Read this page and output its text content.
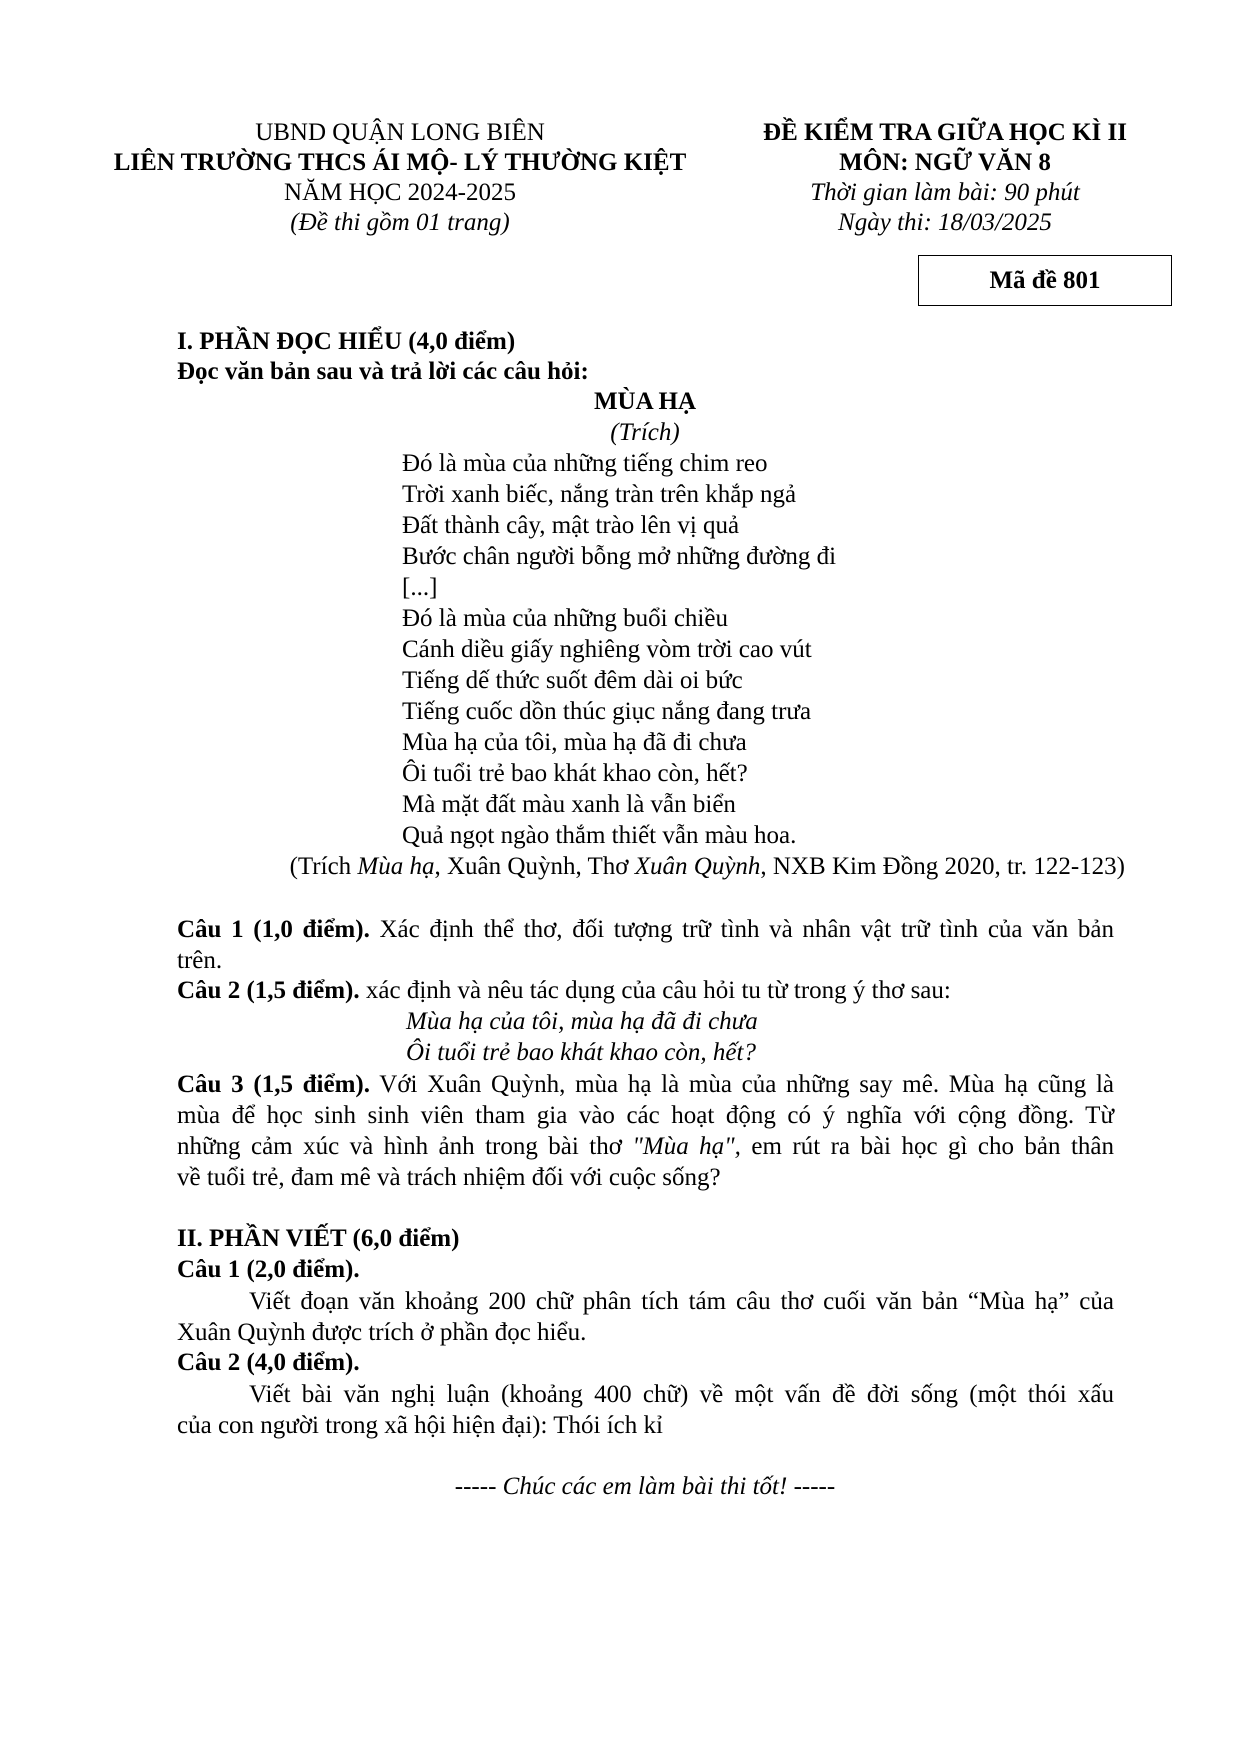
UBND QUẬN LONG BIÊN
LIÊN TRƯỜNG THCS ÁI MỘ- LÝ THƯỜNG KIỆT
NĂM HỌC 2024-2025
(Đề thi gồm 01 trang)
ĐỀ KIỂM TRA GIỮA HỌC KÌ II
MÔN: NGỮ VĂN 8
Thời gian làm bài: 90 phút
Ngày thi: 18/03/2025
Mã đề 801
I. PHẦN ĐỌC HIỂU (4,0 điểm)
Đọc văn bản sau và trả lời các câu hỏi:
MÙA HẠ
(Trích)
Đó là mùa của những tiếng chim reo
Trời xanh biếc, nắng tràn trên khắp ngả
Đất thành cây, mật trào lên vị quả
Bước chân người bỗng mở những đường đi
[...]
Đó là mùa của những buổi chiều
Cánh diều giấy nghiêng vòm trời cao vút
Tiếng dế thức suốt đêm dài oi bức
Tiếng cuốc dồn thúc giục nắng đang trưa
Mùa hạ của tôi, mùa hạ đã đi chưa
Ôi tuổi trẻ bao khát khao còn, hết?
Mà mặt đất màu xanh là vẫn biển
Quả ngọt ngào thắm thiết vẫn màu hoa.
(Trích Mùa hạ, Xuân Quỳnh, Thơ Xuân Quỳnh, NXB Kim Đồng 2020, tr. 122-123)
Câu 1 (1,0 điểm). Xác định thể thơ, đối tượng trữ tình và nhân vật trữ tình của văn bản
trên.
Câu 2 (1,5 điểm). xác định và nêu tác dụng của câu hỏi tu từ trong ý thơ sau:
Mùa hạ của tôi, mùa hạ đã đi chưa
Ôi tuổi trẻ bao khát khao còn, hết?
Câu 3 (1,5 điểm). Với Xuân Quỳnh, mùa hạ là mùa của những say mê. Mùa hạ cũng là
mùa để học sinh sinh viên tham gia vào các hoạt động có ý nghĩa với cộng đồng. Từ
những cảm xúc và hình ảnh trong bài thơ "Mùa hạ", em rút ra bài học gì cho bản thân
về tuổi trẻ, đam mê và trách nhiệm đối với cuộc sống?
II. PHẦN VIẾT (6,0 điểm)
Câu 1 (2,0 điểm).
Viết đoạn văn khoảng 200 chữ phân tích tám câu thơ cuối văn bản “Mùa hạ” của
Xuân Quỳnh được trích ở phần đọc hiểu.
Câu 2 (4,0 điểm).
Viết bài văn nghị luận (khoảng 400 chữ) về một vấn đề đời sống (một thói xấu
của con người trong xã hội hiện đại): Thói ích kỉ
----- Chúc các em làm bài thi tốt! -----
